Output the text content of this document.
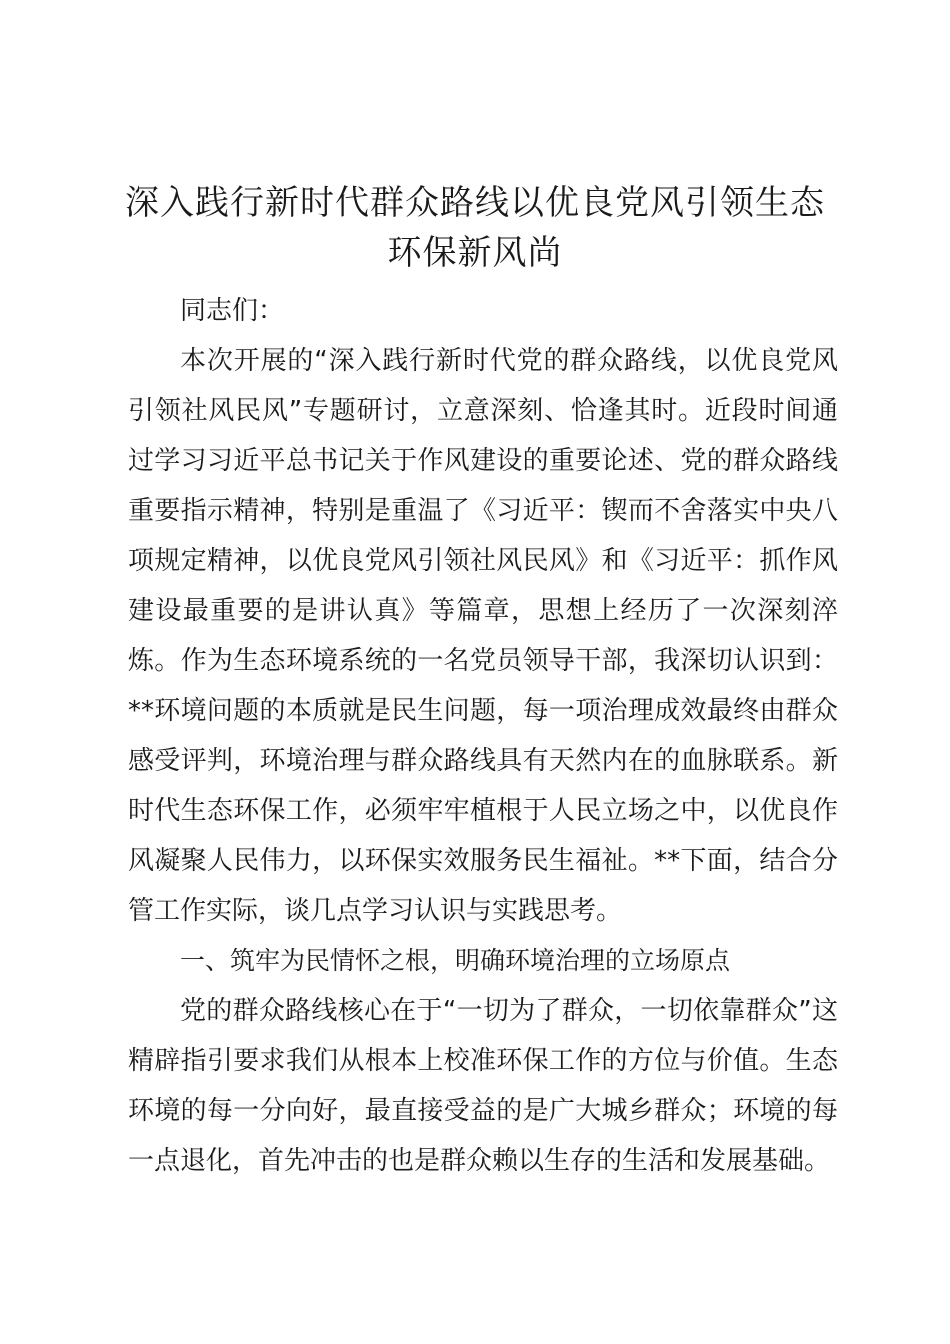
深入践行新时代群众路线以优良党风引领生态环保新风尚

同志们：

本次开展的“深入践行新时代党的群众路线，以优良党风引领社风民风”专题研讨，立意深刻、恰逢其时。近段时间通过学习习近平总书记关于作风建设的重要论述、党的群众路线重要指示精神，特别是重温了《习近平：锲而不舍落实中央八项规定精神，以优良党风引领社风民风》和《习近平：抓作风建设最重要的是讲认真》等篇章，思想上经历了一次深刻淬炼。作为生态环境系统的一名党员领导干部，我深切认识到：**环境问题的本质就是民生问题，每一项治理成效最终由群众感受评判，环境治理与群众路线具有天然内在的血脉联系。新时代生态环保工作，必须牢牢植根于人民立场之中，以优良作风凝聚人民伟力，以环保实效服务民生福祉。**下面，结合分管工作实际，谈几点学习认识与实践思考。

一、筑牢为民情怀之根，明确环境治理的立场原点

党的群众路线核心在于“一切为了群众，一切依靠群众”这精辟指引要求我们从根本上校准环保工作的方位与价值。生态环境的每一分向好，最直接受益的是广大城乡群众；环境的每一点退化，首先冲击的也是群众赖以生存的生活和发展基础。
